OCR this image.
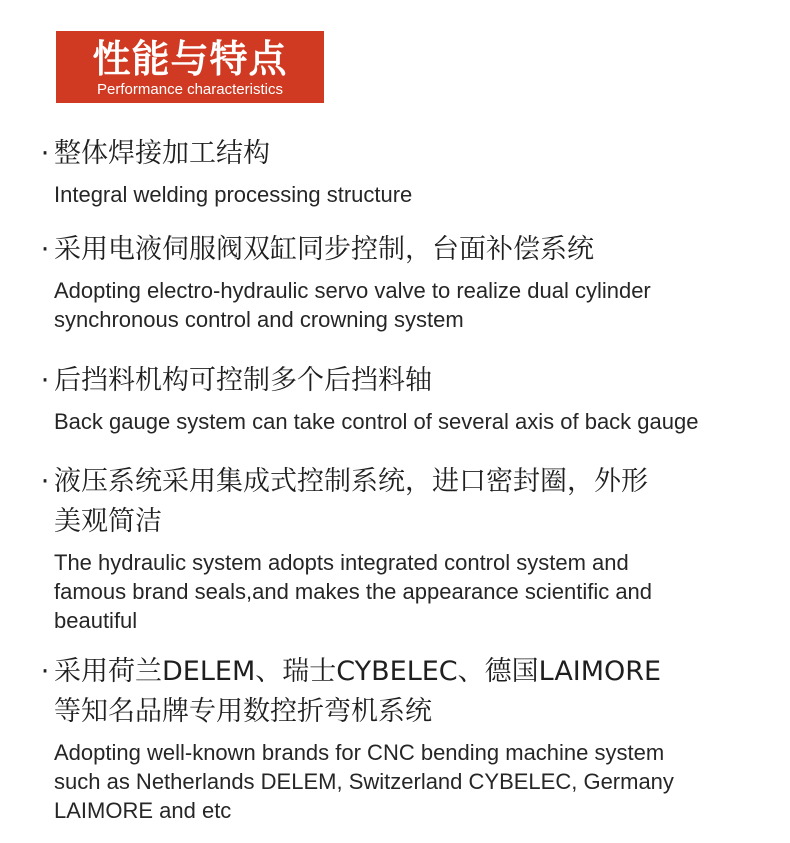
性能与特点
Performance characteristics
· 整体焊接加工结构
Integral welding processing structure
· 采用电液伺服阀双缸同步控制，台面补偿系统
Adopting electro-hydraulic servo valve to realize dual cylinder
synchronous control and crowning system
· 后挡料机构可控制多个后挡料轴
Back gauge system can take control of several axis of back gauge
· 液压系统采用集成式控制系统，进口密封圈，外形
美观简洁
The hydraulic system adopts integrated control system and
famous brand seals,and makes the appearance scientific and
beautiful
· 采用荷兰DELEM、瑞士CYBELEC、德国LAIMORE
等知名品牌专用数控折弯机系统
Adopting well-known brands for CNC bending machine system
such as Netherlands DELEM, Switzerland CYBELEC, Germany
LAIMORE and etc
